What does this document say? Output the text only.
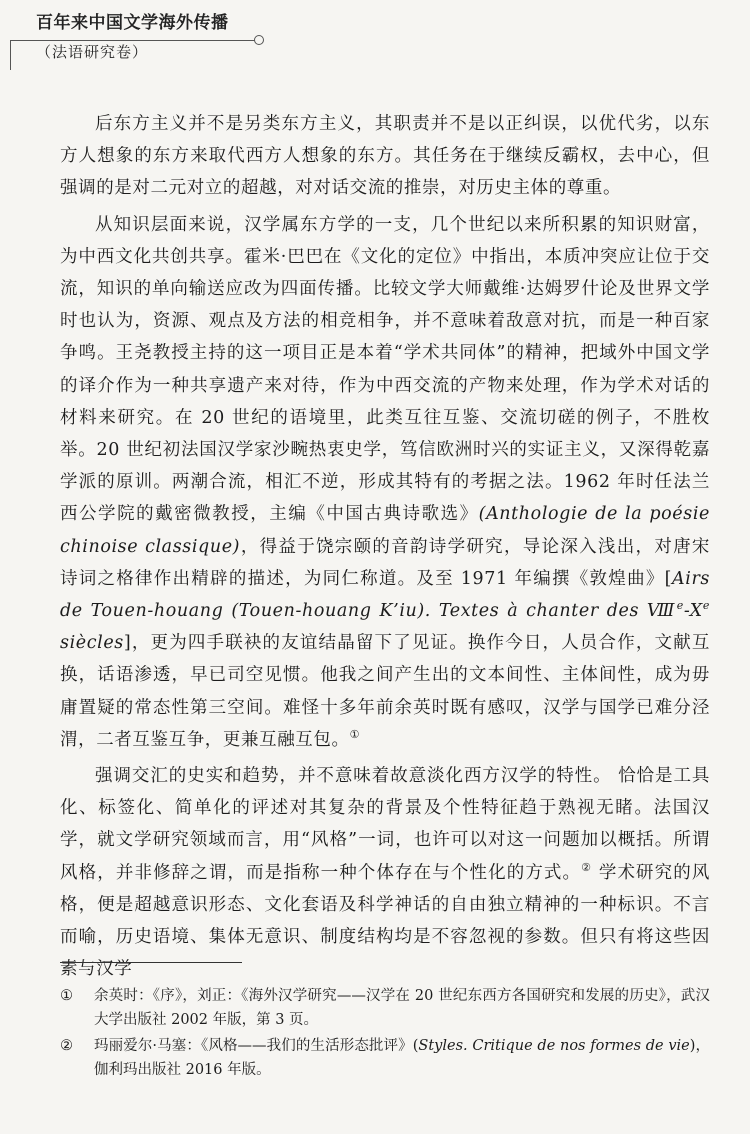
百年来中国文学海外传播
（法语研究卷）

后东方主义并不是另类东方主义，其职责并不是以正纠误，以优代劣，以东方人想象的东方来取代西方人想象的东方。其任务在于继续反霸权，去中心，但强调的是对二元对立的超越，对对话交流的推崇，对历史主体的尊重。

从知识层面来说，汉学属东方学的一支，几个世纪以来所积累的知识财富，为中西文化共创共享。霍米·巴巴在《文化的定位》中指出，本质冲突应让位于交流，知识的单向输送应改为四面传播。比较文学大师戴维·达姆罗什论及世界文学时也认为，资源、观点及方法的相竞相争，并不意味着敌意对抗，而是一种百家争鸣。王尧教授主持的这一项目正是本着“学术共同体”的精神，把域外中国文学的译介作为一种共享遗产来对待，作为中西交流的产物来处理，作为学术对话的材料来研究。在 20 世纪的语境里，此类互往互鉴、交流切磋的例子，不胜枚举。20 世纪初法国汉学家沙畹热衷史学，笃信欧洲时兴的实证主义，又深得乾嘉学派的原训。两潮合流，相汇不逆，形成其特有的考据之法。1962 年时任法兰西公学院的戴密微教授，主编《中国古典诗歌选》(Anthologie de la poésie chinoise classique)，得益于饶宗颐的音韵诗学研究，导论深入浅出，对唐宋诗词之格律作出精辟的描述，为同仁称道。及至 1971 年编撰《敦煌曲》[Airs de Touen-houang (Touen-houang K’iu). Textes à chanter des Ⅷ$^e$-Xe siècles]，更为四手联袂的友谊结晶留下了见证。换作今日，人员合作，文献互换，话语渗透，早已司空见惯。他我之间产生出的文本间性、主体间性，成为毋庸置疑的常态性第三空间。难怪十多年前余英时既有感叹，汉学与国学已难分泾渭，二者互鉴互争，更兼互融互包。①

强调交汇的史实和趋势，并不意味着故意淡化西方汉学的特性。 恰恰是工具化、标签化、简单化的评述对其复杂的背景及个性特征趋于熟视无睹。法国汉学，就文学研究领域而言，用“风格”一词，也许可以对这一问题加以概括。所谓风格，并非修辞之谓，而是指称一种个体存在与个性化的方式。② 学术研究的风格，便是超越意识形态、文化套语及科学神话的自由独立精神的一种标识。不言而喻，历史语境、集体无意识、制度结构均是不容忽视的参数。但只有将这些因素与汉学

①	余英时：《序》，刘正：《海外汉学研究——汉学在 20 世纪东西方各国研究和发展的历史》，武汉大学出版社 2002 年版，第 3 页。
②	玛丽爱尔·马塞：《风格——我们的生活形态批评》(Styles. Critique de nos formes de vie)，伽利玛出版社 2016 年版。
